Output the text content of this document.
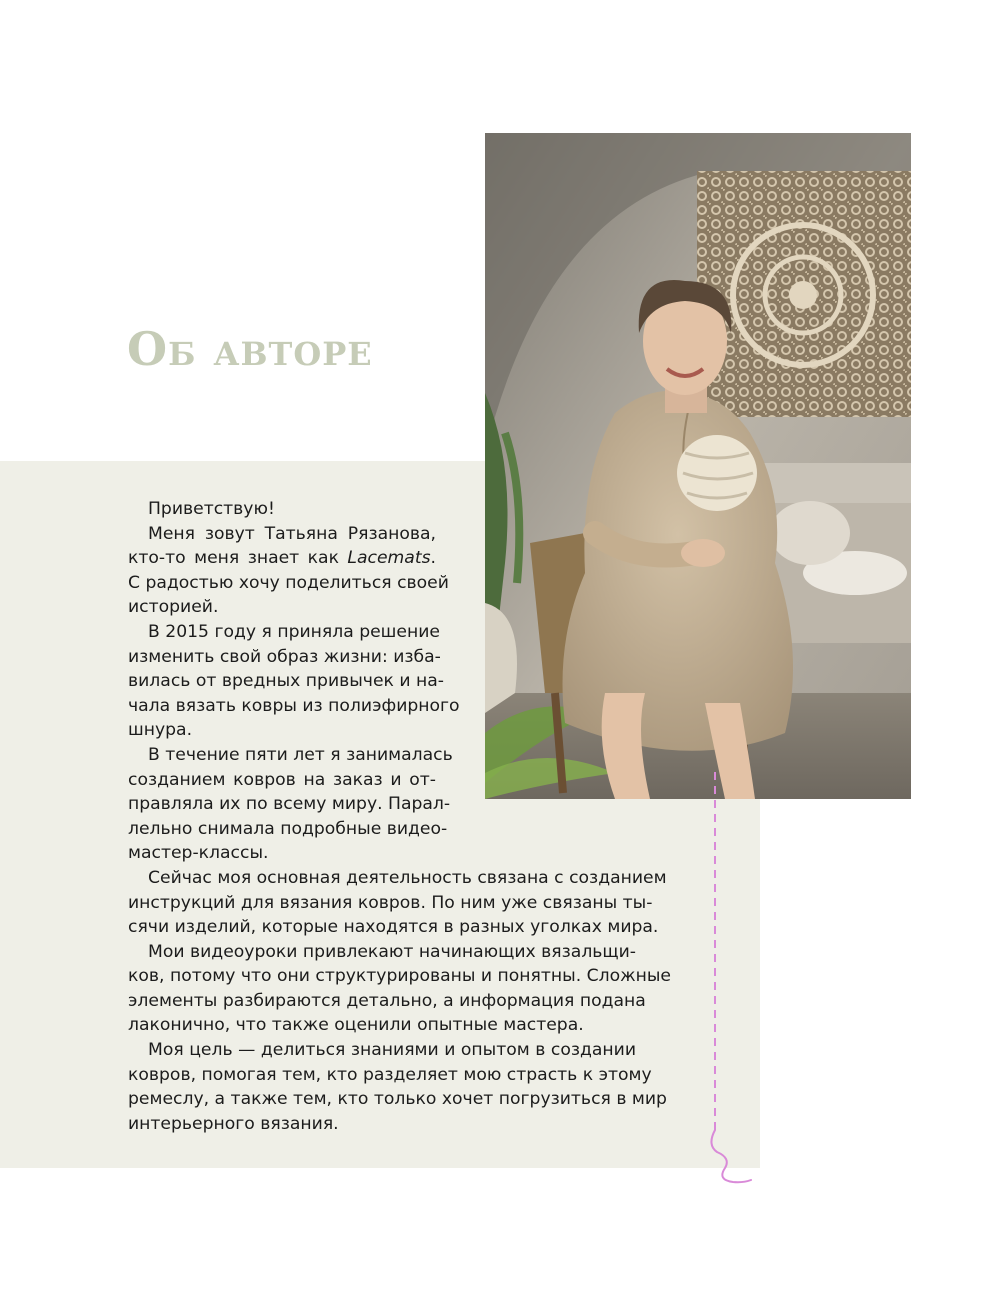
Об авторе

Приветствую!

Меня зовут Татьяна Рязанова,

кто-то меня знает как Lacemats.
С радостью хочу поделиться своей
историей.

В 2015 году я приняла решение

изменить свой образ жизни: изба-
вилась от вредных привычек и на-
чала вязать ковры из полиэфирного
шнура.

В течение пяти лет я занималась

созданием ковров на заказ и от-
правляла их по всему миру. Парал-
лельно снимала подробные видео-
мастер-классы.

Сейчас моя основная деятельность связана с созданием

инструкций для вязания ковров. По ним уже связаны ты-
сячи изделий, которые находятся в разных уголках мира.

Мои видеоуроки привлекают начинающих вязальщи-

ков, потому что они структурированы и понятны. Сложные
элементы разбираются детально, а информация подана
лаконично, что также оценили опытные мастера.

Моя цель — делиться знаниями и опытом в создании

ковров, помогая тем, кто разделяет мою страсть к этому
ремеслу, а также тем, кто только хочет погрузиться в мир
интерьерного вязания.
